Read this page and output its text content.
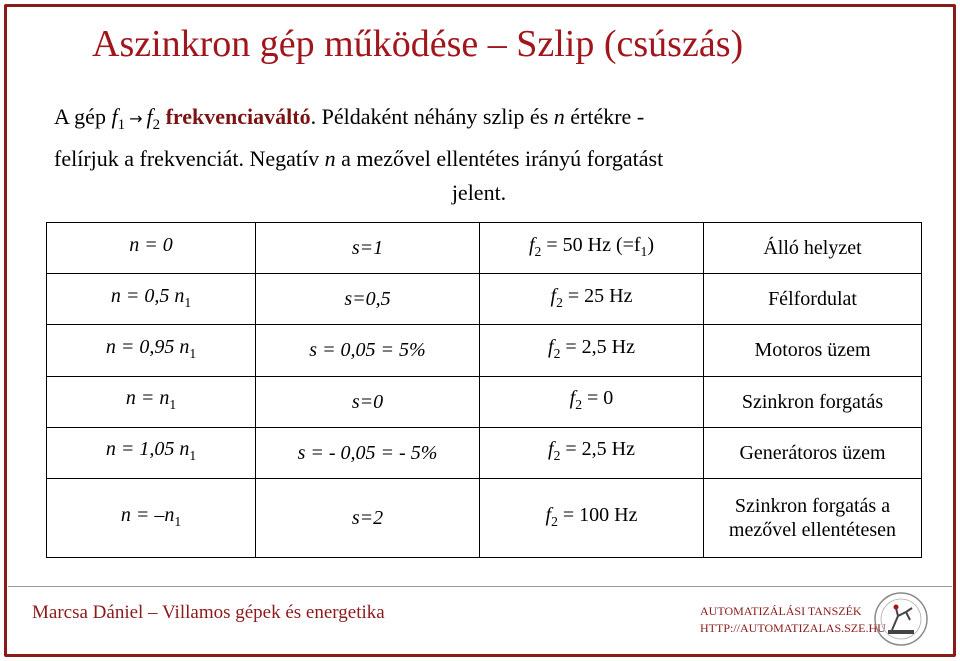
Aszinkron gép működése – Szlip (csúszás)
A gép $f_1 \to f_2$ frekvenciaváltó. Példaként néhány szlip és n értékre -
felírjuk a frekvenciát. Negatív n a mezővel ellentétes irányú forgatást
jelent.
n = 0	s=1	$f_2 = 50$ Hz $(=f_1)$	Álló helyzet
n = 0,5 $n_1$	s=0,5	$f_2 = 25$ Hz	Félfordulat
n = 0,95 $n_1$	s = 0,05 = 5%	$f_2 = 2,5$ Hz	Motoros üzem
$n = n_1$	s=0	$f_2 = 0$	Szinkron forgatás
n = 1,05 $n_1$	s = - 0,05 = - 5%	$f_2 = 2,5$ Hz	Generátoros üzem
$n = -n_1$	s=2	$f_2 = 100$ Hz	Szinkron forgatás a mezővel ellentétesen
Marcsa Dániel – Villamos gépek és energetika	AUTOMATIZÁLÁSI TANSZÉK
HTTP://AUTOMATIZALAS.SZE.HU
